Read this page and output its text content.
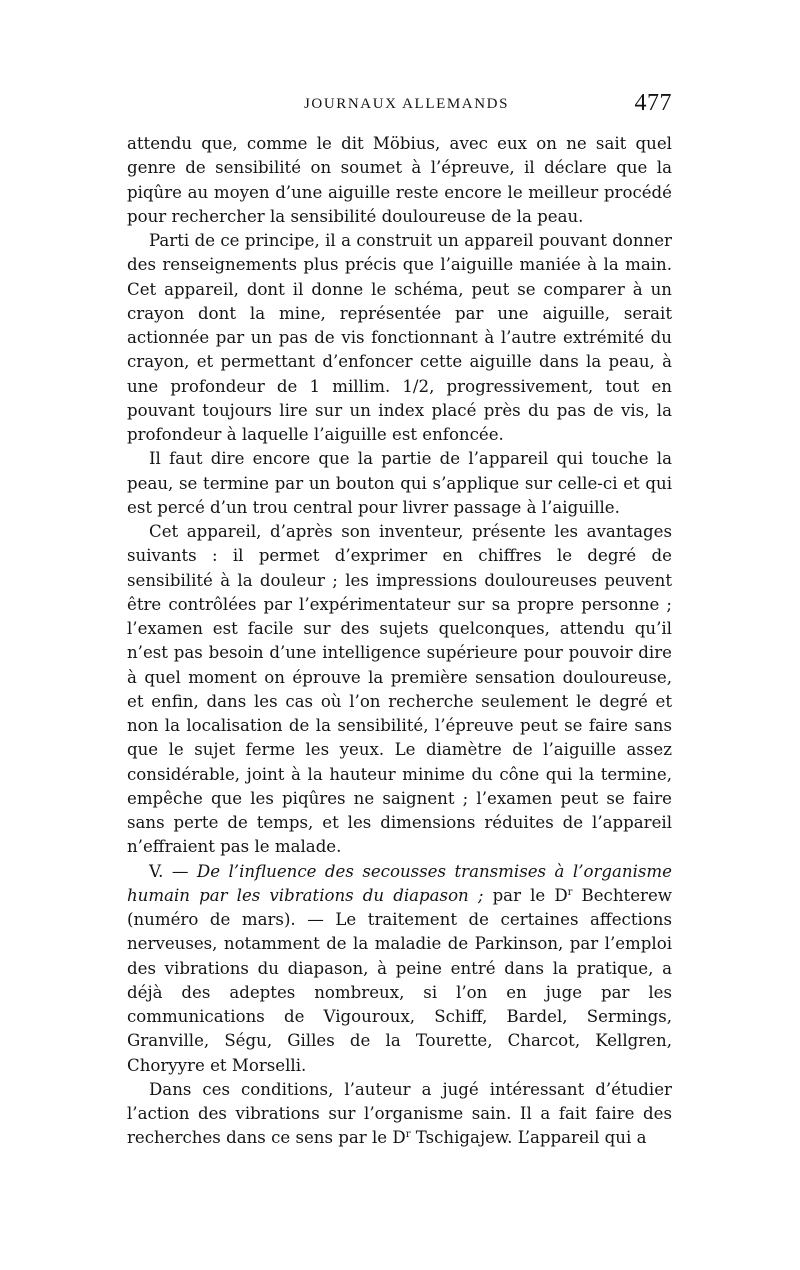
JOURNAUX ALLEMANDS	477

attendu que, comme le dit Möbius, avec eux on ne sait quel genre de sensibilité on soumet à l’épreuve, il déclare que la piqûre au moyen d’une aiguille reste encore le meilleur procédé pour rechercher la sensibilité douloureuse de la peau.

Parti de ce principe, il a construit un appareil pouvant donner des renseignements plus précis que l’aiguille maniée à la main. Cet appareil, dont il donne le schéma, peut se comparer à un crayon dont la mine, représentée par une aiguille, serait actionnée par un pas de vis fonctionnant à l’autre extrémité du crayon, et permettant d’enfoncer cette aiguille dans la peau, à une profondeur de 1 millim. 1/2, progressivement, tout en pouvant toujours lire sur un index placé près du pas de vis, la profondeur à laquelle l’aiguille est enfoncée.

Il faut dire encore que la partie de l’appareil qui touche la peau, se termine par un bouton qui s’applique sur celle-ci et qui est percé d’un trou central pour livrer passage à l’aiguille.

Cet appareil, d’après son inventeur, présente les avantages suivants : il permet d’exprimer en chiffres le degré de sensibilité à la douleur ; les impressions douloureuses peuvent être contrôlées par l’expérimentateur sur sa propre personne ; l’examen est facile sur des sujets quelconques, attendu qu’il n’est pas besoin d’une intelligence supérieure pour pouvoir dire à quel moment on éprouve la première sensation douloureuse, et enfin, dans les cas où l’on recherche seulement le degré et non la localisation de la sensibilité, l’épreuve peut se faire sans que le sujet ferme les yeux. Le diamètre de l’aiguille assez considérable, joint à la hauteur minime du cône qui la termine, empêche que les piqûres ne saignent ; l’examen peut se faire sans perte de temps, et les dimensions réduites de l’appareil n’effraient pas le malade.

V. — De l’influence des secousses transmises à l’organisme humain par les vibrations du diapason ; par le $D^r$ Bechterew (numéro de mars). — Le traitement de certaines affections nerveuses, notamment de la maladie de Parkinson, par l’emploi des vibrations du diapason, à peine entré dans la pratique, a déjà des adeptes nombreux, si l’on en juge par les communications de Vigouroux, Schiff, Bardel, Sermings, Granville, Ségu, Gilles de la Tourette, Charcot, Kellgren, Choryyre et Morselli.

Dans ces conditions, l’auteur a jugé intéressant d’étudier l’action des vibrations sur l’organisme sain. Il a fait faire des recherches dans ce sens par le $D^r$ Tschigajew. L’appareil qui a
